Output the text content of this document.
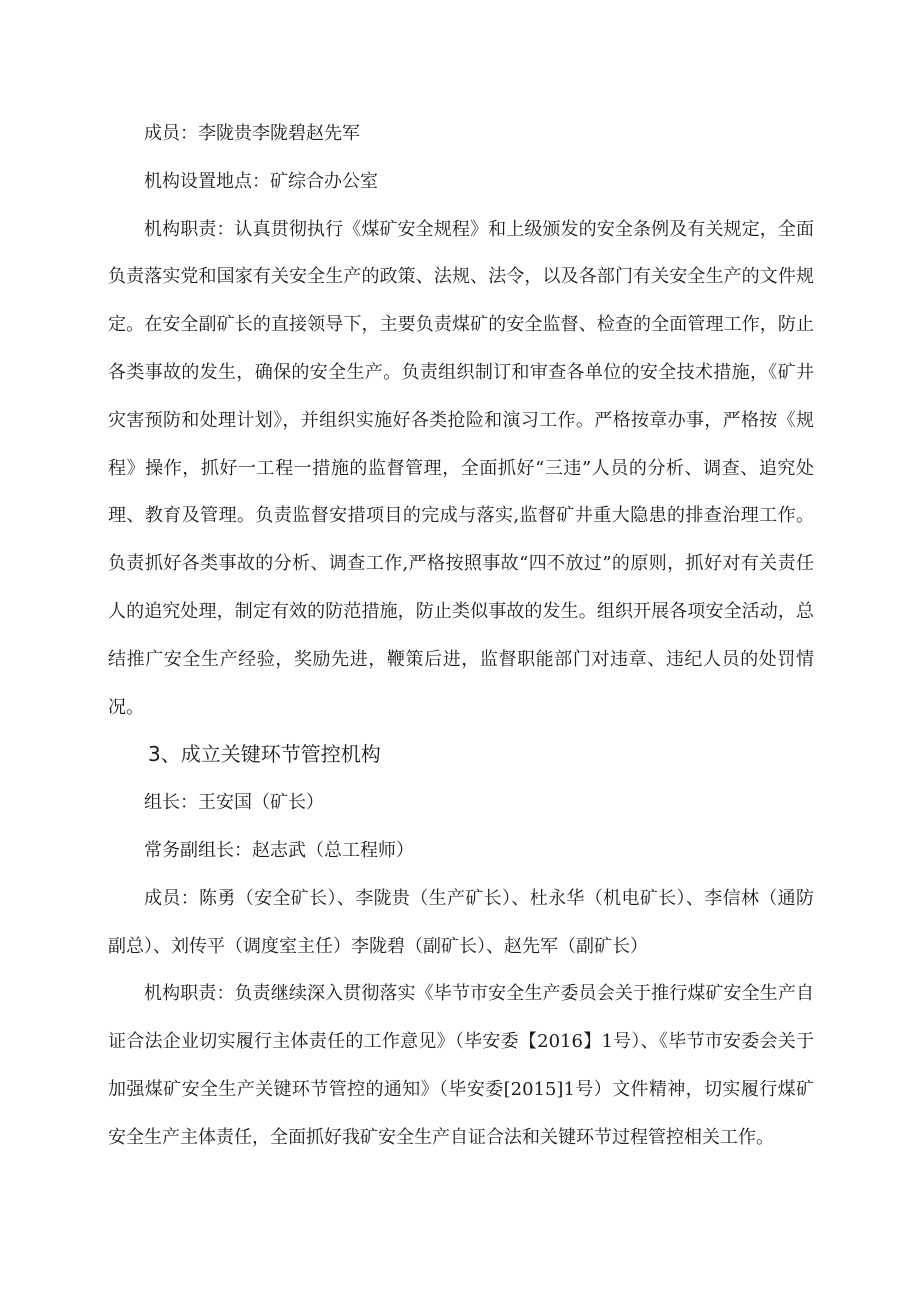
成员：李陇贵李陇碧赵先军

机构设置地点：矿综合办公室

机构职责：认真贯彻执行《煤矿安全规程》和上级颁发的安全条例及有关规定，全面负责落实党和国家有关安全生产的政策、法规、法令，以及各部门有关安全生产的文件规定。在安全副矿长的直接领导下，主要负责煤矿的安全监督、检查的全面管理工作，防止各类事故的发生，确保的安全生产。负责组织制订和审查各单位的安全技术措施，《矿井灾害预防和处理计划》，并组织实施好各类抢险和演习工作。严格按章办事，严格按《规程》操作，抓好一工程一措施的监督管理，全面抓好“三违”人员的分析、调查、追究处理、教育及管理。负责监督安措项目的完成与落实,监督矿井重大隐患的排查治理工作。负责抓好各类事故的分析、调查工作,严格按照事故“四不放过”的原则，抓好对有关责任人的追究处理，制定有效的防范措施，防止类似事故的发生。组织开展各项安全活动，总结推广安全生产经验，奖励先进，鞭策后进，监督职能部门对违章、违纪人员的处罚情况。

3、成立关键环节管控机构

组长：王安国（矿长）

常务副组长：赵志武（总工程师）

成员：陈勇（安全矿长）、李陇贵（生产矿长）、杜永华（机电矿长）、李信林（通防副总）、刘传平（调度室主任）李陇碧（副矿长）、赵先军（副矿长）

机构职责：负责继续深入贯彻落实《毕节市安全生产委员会关于推行煤矿安全生产自证合法企业切实履行主体责任的工作意见》（毕安委【2016】1号）、《毕节市安委会关于加强煤矿安全生产关键环节管控的通知》（毕安委[2015]1号）文件精神，切实履行煤矿安全生产主体责任，全面抓好我矿安全生产自证合法和关键环节过程管控相关工作。
